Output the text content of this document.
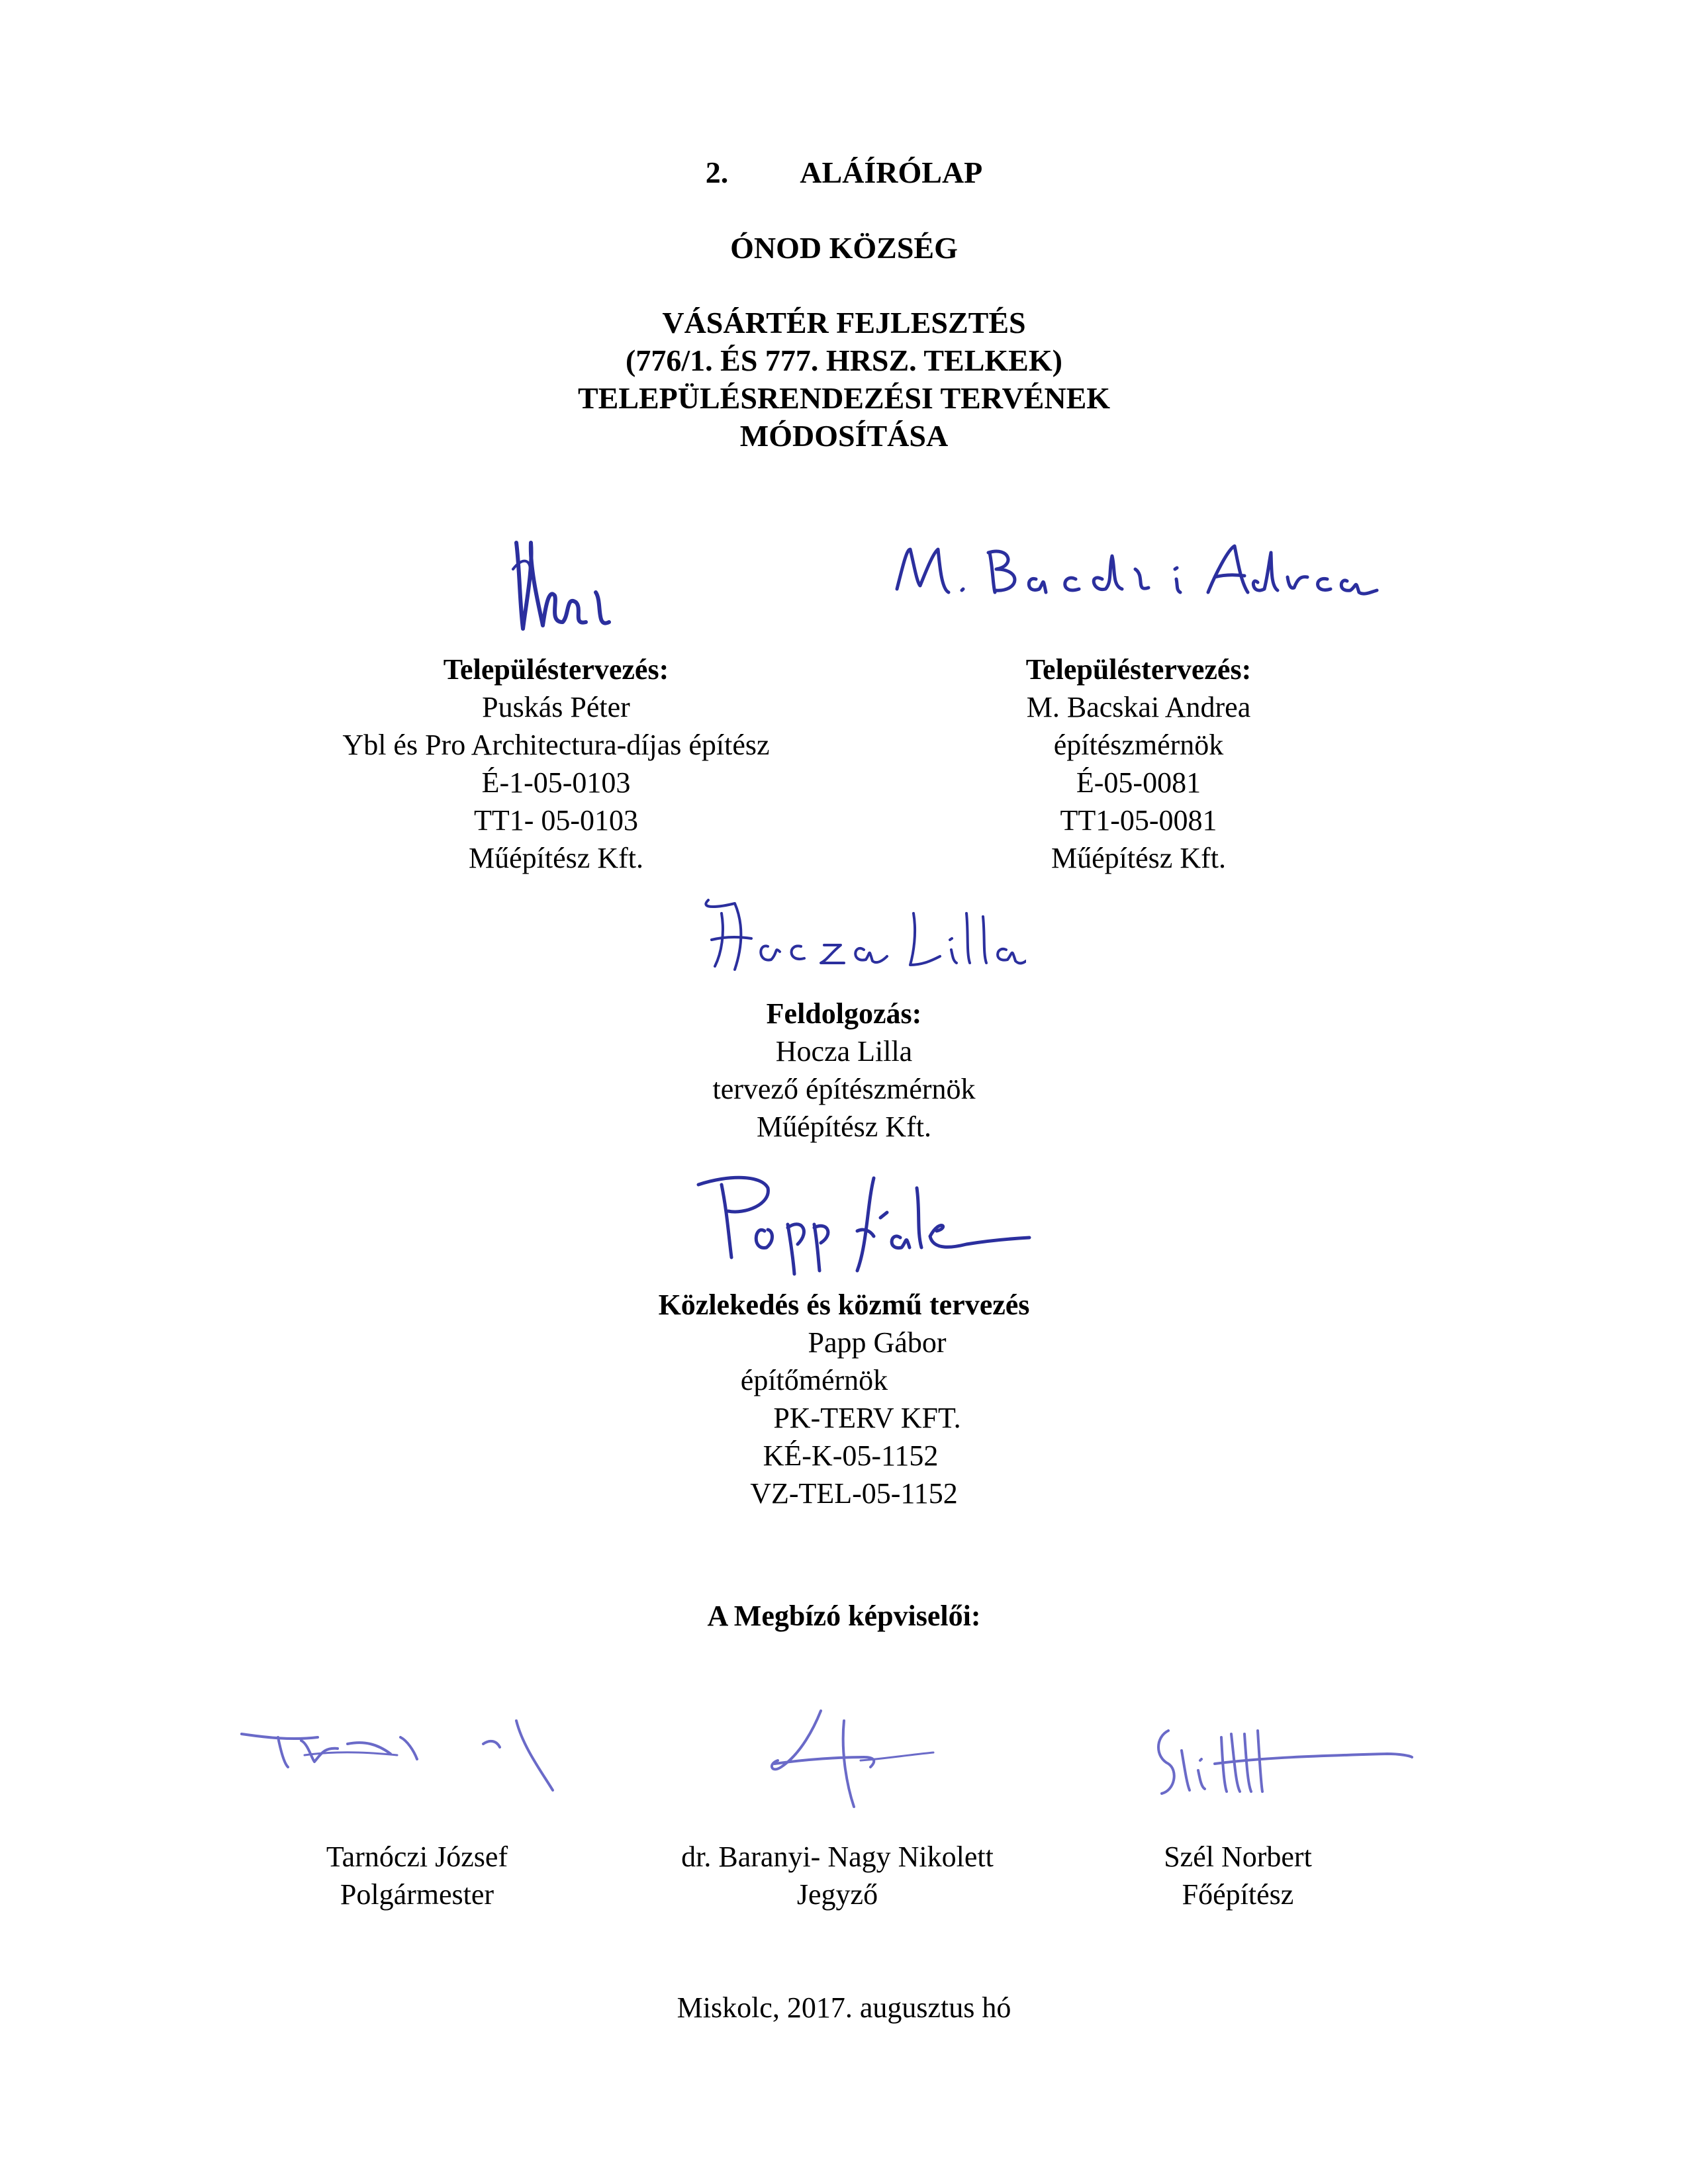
2. ALÁÍRÓLAP
ÓNOD KÖZSÉG
VÁSÁRTÉR FEJLESZTÉS
(776/1. ÉS 777. HRSZ. TELKEK)
TELEPÜLÉSRENDEZÉSI TERVÉNEK
MÓDOSÍTÁSA
Településtervezés:
Puskás Péter
Ybl és Pro Architectura-díjas építész
É-1-05-0103
TT1- 05-0103
Műépítész Kft.
Településtervezés:
M. Bacskai Andrea
építészmérnök
É-05-0081
TT1-05-0081
Műépítész Kft.
Feldolgozás:
Hocza Lilla
tervező építészmérnök
Műépítész Kft.
Közlekedés és közmű tervezés
Papp Gábor
építőmérnök
PK-TERV KFT.
KÉ-K-05-1152
VZ-TEL-05-1152
A Megbízó képviselői:
Tarnóczi József
Polgármester
dr. Baranyi- Nagy Nikolett
Jegyző
Szél Norbert
Főépítész
Miskolc, 2017. augusztus hó
